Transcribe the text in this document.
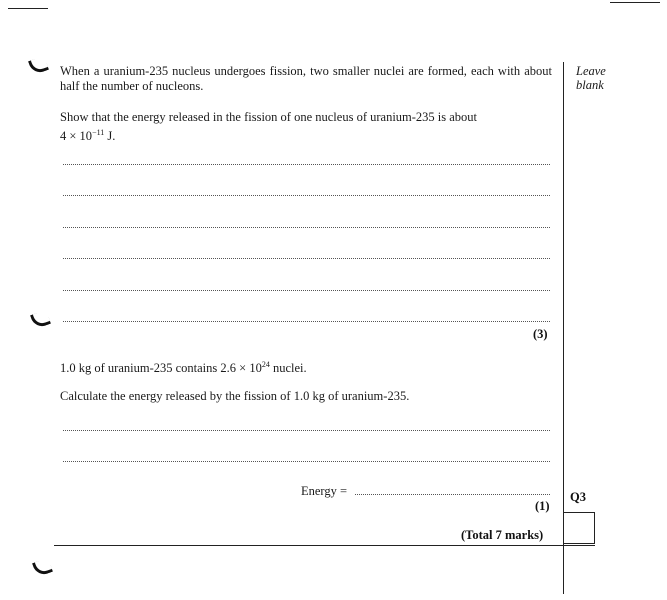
Leave
blank
When a uranium-235 nucleus undergoes fission, two smaller nuclei are formed, each with about half the number of nucleons.
Show that the energy released in the fission of one nucleus of uranium-235 is about
$4 \times 10^{-11}$ J.
(3)
1.0 kg of uranium-235 contains $2.6 \times 10^{24}$ nuclei.
Calculate the energy released by the fission of 1.0 kg of uranium-235.
Energy =
(1)
Q3
(Total 7 marks)
